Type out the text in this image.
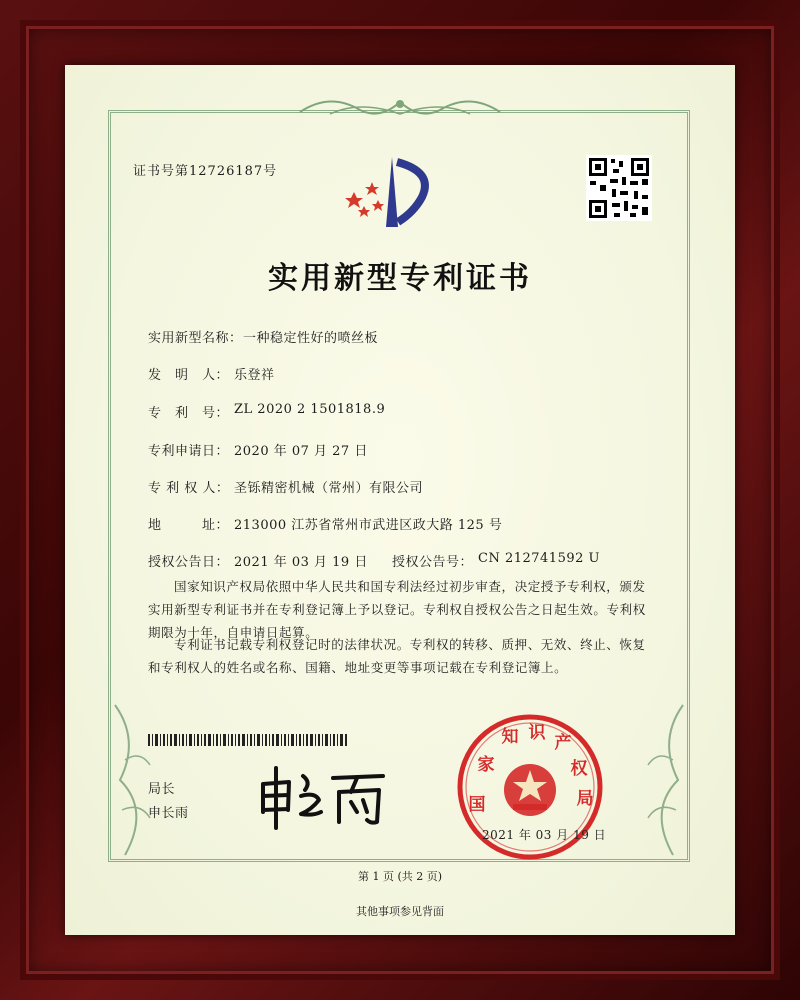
证书号第12726187号
实用新型专利证书
实用新型名称： 一种稳定性好的喷丝板
发　明　人： 乐登祥
专　利　号： ZL 2020 2 1501818.9
专利申请日： 2020 年 07 月 27 日
专 利 权 人： 圣铄精密机械（常州）有限公司
地　　　址： 213000 江苏省常州市武进区政大路 125 号
授权公告日： 2021 年 03 月 19 日 授权公告号： CN 212741592 U
国家知识产权局依照中华人民共和国专利法经过初步审查，决定授予专利权，颁发实用新型专利证书并在专利登记簿上予以登记。专利权自授权公告之日起生效。专利权期限为十年，自申请日起算。
专利证书记载专利权登记时的法律状况。专利权的转移、质押、无效、终止、恢复和专利权人的姓名或名称、国籍、地址变更等事项记载在专利登记簿上。
局长
申长雨	国
家
知 识 产
权
局
2021 年 03 月 19 日
第 1 页 (共 2 页)
其他事项参见背面
